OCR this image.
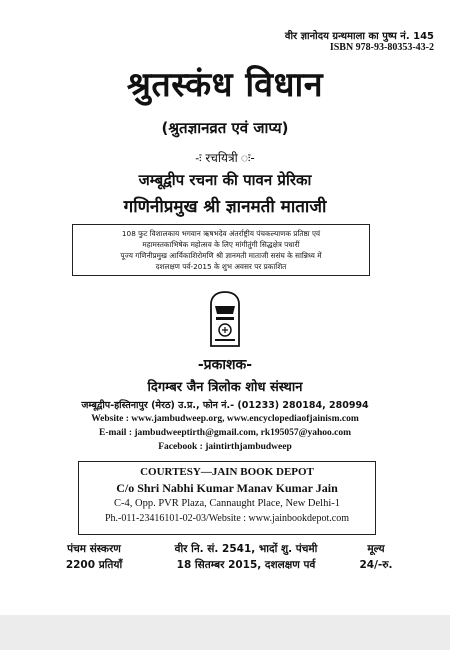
वीर ज्ञानोदय ग्रन्थमाला का पुष्प नं. 145
ISBN 978-93-80353-43-2
श्रुतस्कंध विधान
(श्रुतज्ञानव्रत एवं जाप्य)
-ः रचयित्री ः-
जम्बूद्वीप रचना की पावन प्रेरिका
गणिनीप्रमुख श्री ज्ञानमती माताजी
108 फुट विशालकाय भगवान ऋषभदेव अंतर्राष्ट्रीय पंचकल्याणक प्रतिष्ठा एवं
महामस्तकाभिषेक महोत्सव के लिए मांगीतुंगी सिद्धक्षेत्र पधारीं
पूज्य गणिनीप्रमुख आर्यिकाशिरोमणि श्री ज्ञानमती माताजी ससंघ के सान्निध्य में
दशलक्षण पर्व-2015 के शुभ अवसर पर प्रकाशित
-प्रकाशक-
दिगम्बर जैन त्रिलोक शोध संस्थान
जम्बूद्वीप-हस्तिनापुर (मेरठ) उ.प्र., फोन नं.- (01233) 280184, 280994
Website : www.jambudweep.org, www.encyclopediaofjainism.com
E-mail : jambudweeptirth@gmail.com, rk195057@yahoo.com
Facebook : jaintirthjambudweep
COURTESY—JAIN BOOK DEPOT
C/o Shri Nabhi Kumar Manav Kumar Jain
C-4, Opp. PVR Plaza, Cannaught Place, New Delhi-1
Ph.-011-23416101-02-03/Website : www.jainbookdepot.com
पंचम संस्करण
2200 प्रतियाँ
वीर नि. सं. 2541, भादों शु. पंचमी
18 सितम्बर 2015, दशलक्षण पर्व
मूल्य
24/-रु.
